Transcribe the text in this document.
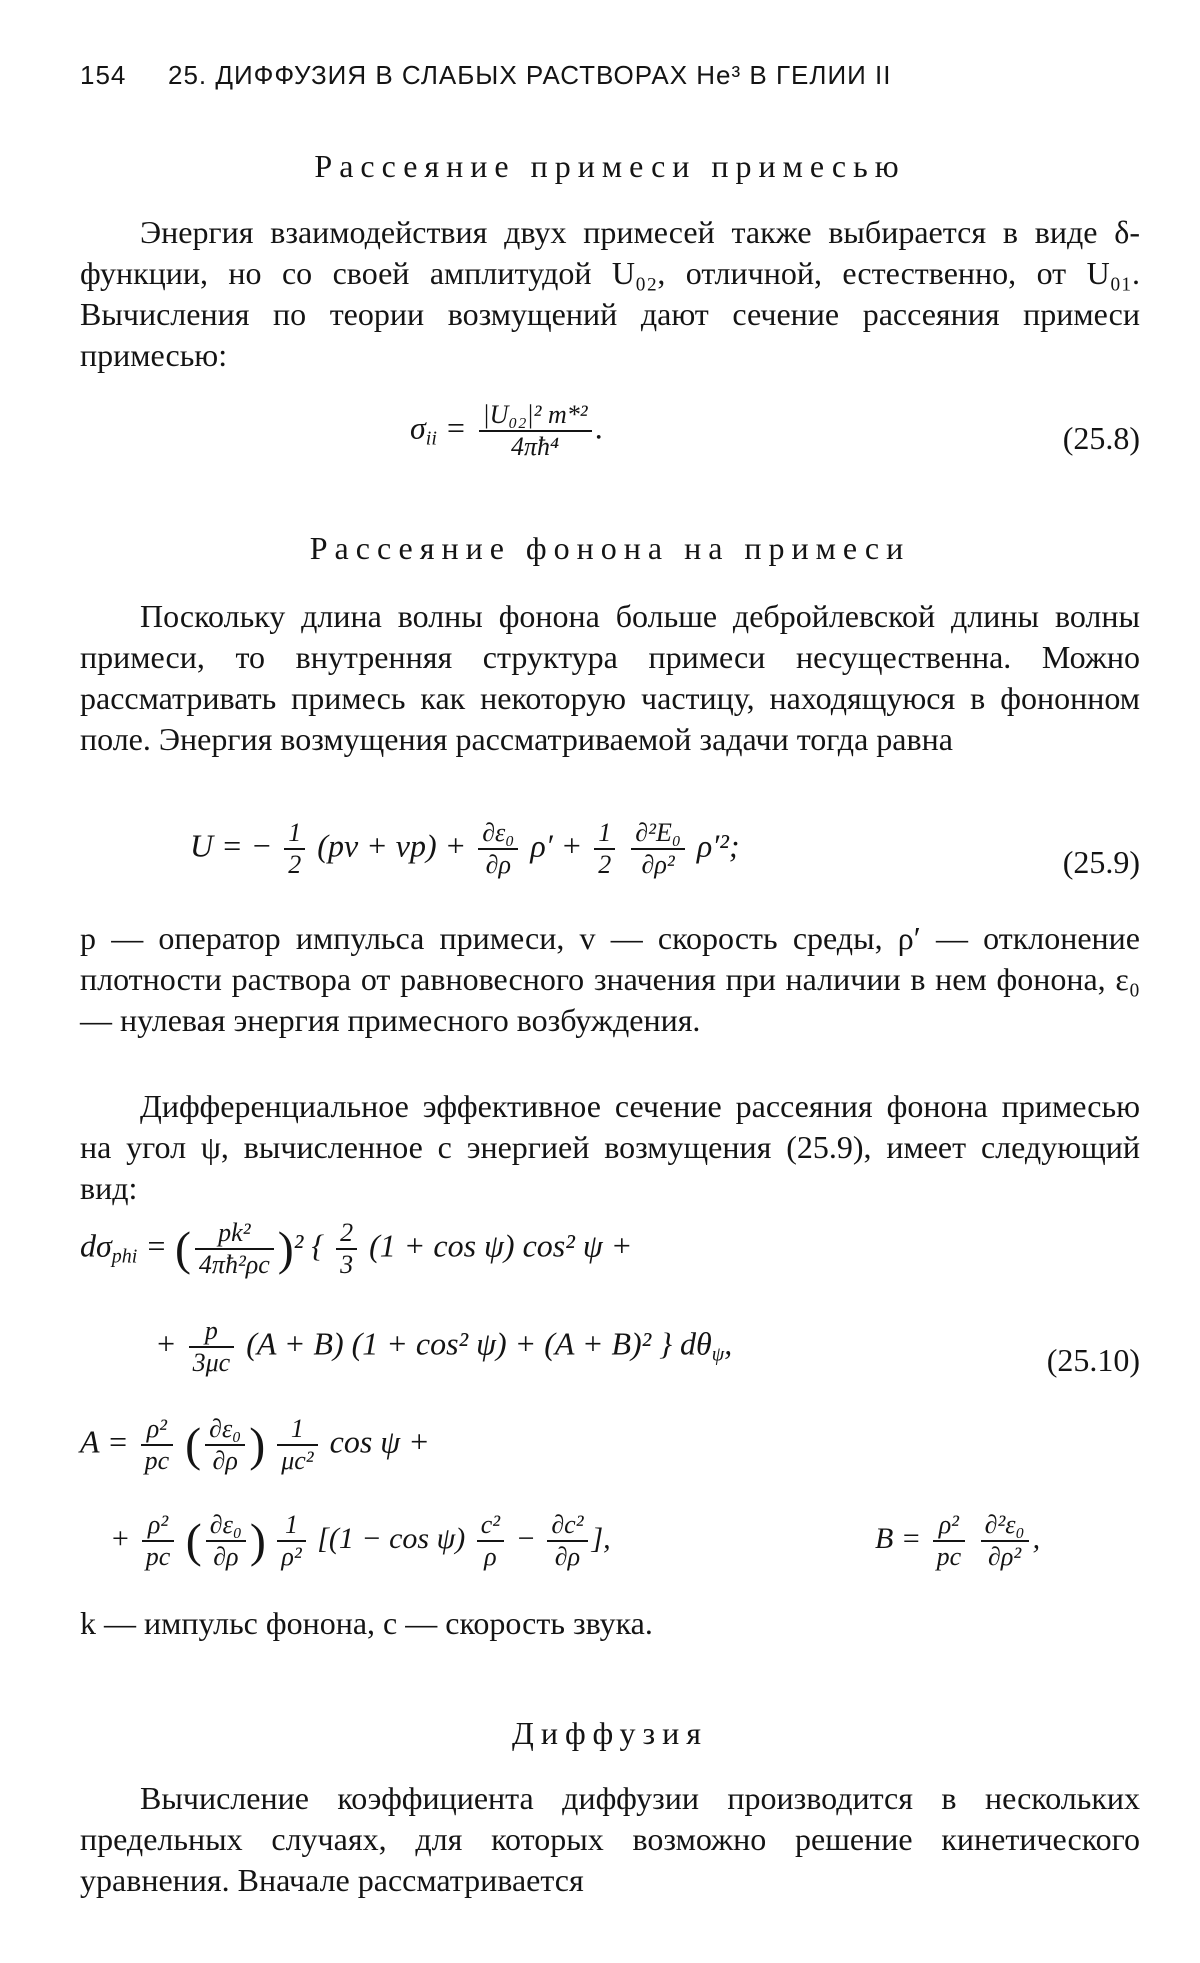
154 25. ДИФФУЗИЯ В СЛАБЫХ РАСТВОРАХ He³ В ГЕЛИИ II
Рассеяние примеси примесью
Энергия взаимодействия двух примесей также выбирается в виде δ-функции, но со своей амплитудой U₀₂, отличной, естественно, от U₀₁. Вычисления по теории возмущений дают сечение рассеяния примеси примесью:
$\sigma_{ii} = \frac{\text{|U₀₂|² m*²}}{\text{4πħ⁴}}$ .	(25.8)
Рассеяние фонона на примеси
Поскольку длина волны фонона больше дебройлевской длины волны примеси, то внутренняя структура примеси несущественна. Можно рассматривать примесь как некоторую частицу, находящуюся в фононном поле. Энергия возмущения рассматриваемой задачи тогда равна
U = − $\frac{1}{2} (pv + vp) + \frac{\text{∂ε₀}}{\partial\rho} \rho' + \frac{1}{2}$
$\frac{\text{∂²E₀}}{\text{∂ρ²}} \rho'^2$;	(25.9)
p — оператор импульса примеси, v — скорость среды, ρ′ — отклонение плотности раствора от равновесного значения при наличии в нем фонона, ε₀ — нулевая энергия примесного возбуждения.
Дифференциальное эффективное сечение рассеяния фонона примесью на угол ψ, вычисленное с энергией возмущения (25.9), имеет следующий вид:
$d\sigma_{phi}$ = ( $\frac{\text{pk²}}{\text{4πħ²ρc}} )^2$ { $\frac{2}{3} (1 + \cos \psi)$ cos² ψ +
+ $\frac{p}{3\mu c} (A + B) (1 + \cos^2$ ψ) + (A + B)² } $d\theta_\psi$,	(25.10)
$A = \frac{\text{ρ²}}{pc}$ ( $\frac{\text{∂ε₀}}{\partial\rho}$ ) $\frac{1}{\text{μc²}}$ cos ψ +
+ $\frac{\text{ρ²}}{pc}$ ( $\frac{\text{∂ε₀}}{\partial\rho}$ ) $\frac{1}{\text{ρ²}} [(1 - \cos \psi) \frac{\text{c²}}{\rho} - \frac{\text{∂c²}}{\partial\rho}$ ],	$B = \frac{\text{ρ²}}{pc}$
$\frac{\text{∂²ε₀}}{\text{∂ρ²}}$ ,
k — импульс фонона, c — скорость звука.
Диффузия
Вычисление коэффициента диффузии производится в нескольких предельных случаях, для которых возможно решение кинетического уравнения. Вначале рассматривается
